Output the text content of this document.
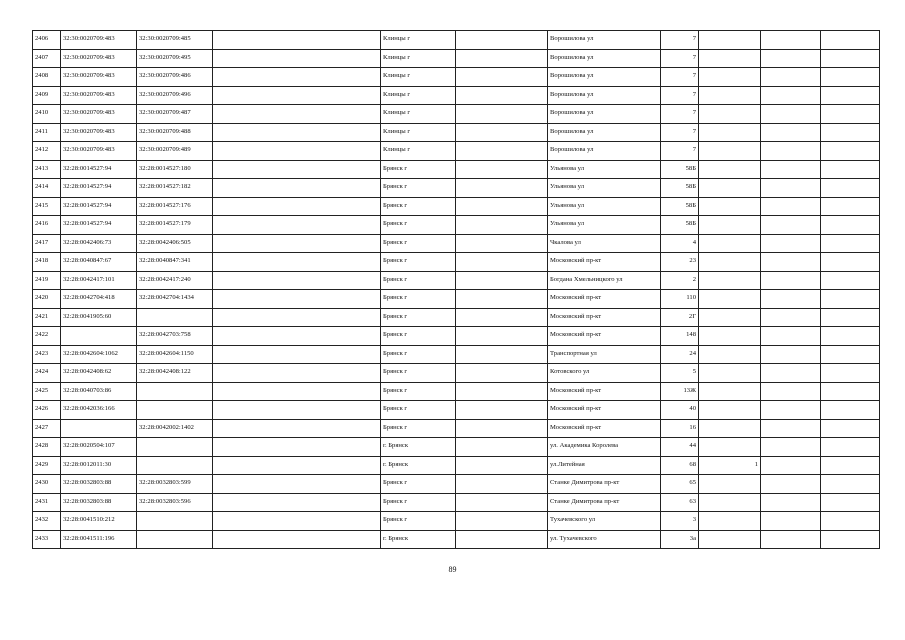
2406	32:30:0020709:483	32:30:0020709:485		Клинцы г		Ворошилова ул	7			
2407	32:30:0020709:483	32:30:0020709:495		Клинцы г		Ворошилова ул	7			
2408	32:30:0020709:483	32:30:0020709:486		Клинцы г		Ворошилова ул	7			
2409	32:30:0020709:483	32:30:0020709:496		Клинцы г		Ворошилова ул	7			
2410	32:30:0020709:483	32:30:0020709:487		Клинцы г		Ворошилова ул	7			
2411	32:30:0020709:483	32:30:0020709:488		Клинцы г		Ворошилова ул	7			
2412	32:30:0020709:483	32:30:0020709:489		Клинцы г		Ворошилова ул	7			
2413	32:28:0014527:94	32:28:0014527:180		Брянск г		Ульянова ул	58Б			
2414	32:28:0014527:94	32:28:0014527:182		Брянск г		Ульянова ул	58Б			
2415	32:28:0014527:94	32:28:0014527:176		Брянск г		Ульянова ул	58Б			
2416	32:28:0014527:94	32:28:0014527:179		Брянск г		Ульянова ул	58Б			
2417	32:28:0042406:73	32:28:0042406:505		Брянск г		Чкалова ул	4			
2418	32:28:0040847:67	32:28:0040847:341		Брянск г		Московский пр-кт	23			
2419	32:28:0042417:101	32:28:0042417:240		Брянск г		Богдана Хмельницкого ул	2			
2420	32:28:0042704:418	32:28:0042704:1434		Брянск г		Московский пр-кт	110			
2421	32:28:0041905:60			Брянск г		Московский пр-кт	2Г			
2422		32:28:0042703:758		Брянск г		Московский пр-кт	148			
2423	32:28:0042604:1062	32:28:0042604:1150		Брянск г		Транспортная ул	24			
2424	32:28:0042408:62	32:28:0042408:122		Брянск г		Котовского ул	5			
2425	32:28:0040703:86			Брянск г		Московский пр-кт	13Ж			
2426	32:28:0042036:166			Брянск г		Московский пр-кт	40			
2427		32:28:0042002:1402		Брянск г		Московский пр-кт	16			
2428	32:28:0020504:107			г. Брянск		ул. Академика Королева	44			
2429	32:28:0012011:30			г. Брянск		ул.Литейная	68	1		
2430	32:28:0032803:88	32:28:0032803:599		Брянск г		Станке Димитрова пр-кт	65			
2431	32:28:0032803:88	32:28:0032803:596		Брянск г		Станке Димитрова пр-кт	63			
2432	32:28:0041510:212			Брянск г		Тухачевского ул	3			
2433	32:28:0041511:196			г. Брянск		ул. Тухачевского	3а			
89
